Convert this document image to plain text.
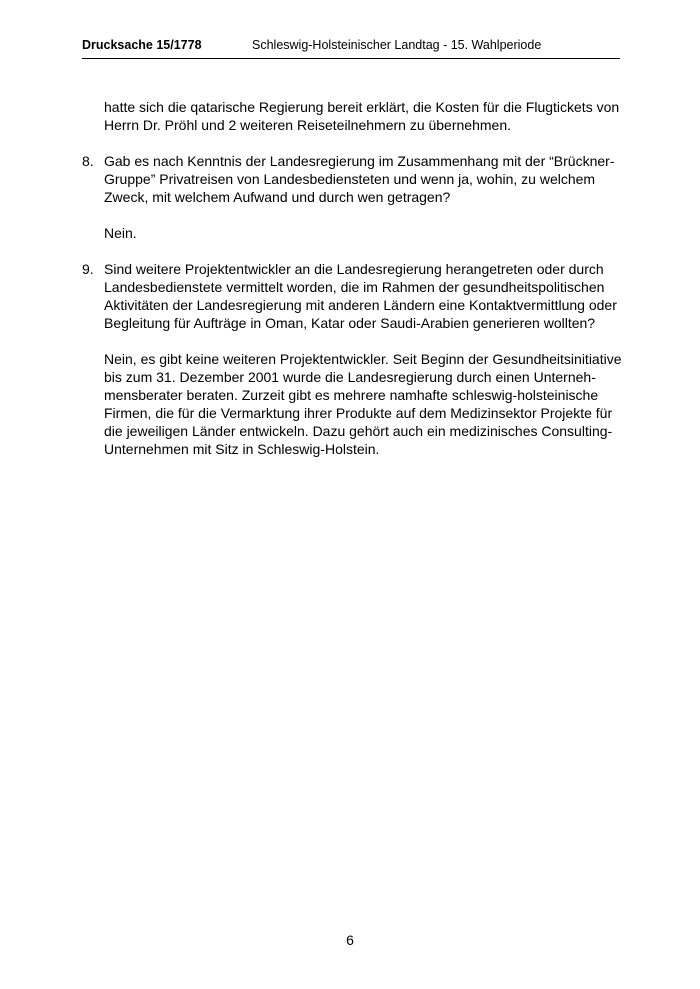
Drucksache 15/1778	Schleswig-Holsteinischer Landtag - 15. Wahlperiode

hatte sich die qatarische Regierung bereit erklärt, die Kosten für die Flugtickets von
Herrn Dr. Pröhl und 2 weiteren Reiseteilnehmern zu übernehmen.

8. Gab es nach Kenntnis der Landesregierung im Zusammenhang mit der “Brückner-
Gruppe” Privatreisen von Landesbediensteten und wenn ja, wohin, zu welchem
Zweck, mit welchem Aufwand und durch wen getragen?

Nein.

9. Sind weitere Projektentwickler an die Landesregierung herangetreten oder durch
Landesbedienstete vermittelt worden, die im Rahmen der gesundheitspolitischen
Aktivitäten der Landesregierung mit anderen Ländern eine Kontaktvermittlung oder
Begleitung für Aufträge in Oman, Katar oder Saudi-Arabien generieren wollten?

Nein, es gibt keine weiteren Projektentwickler. Seit Beginn der Gesundheitsinitiative
bis zum 31. Dezember 2001 wurde die Landesregierung durch einen Unterneh-
mensberater beraten. Zurzeit gibt es mehrere namhafte schleswig-holsteinische
Firmen, die für die Vermarktung ihrer Produkte auf dem Medizinsektor Projekte für
die jeweiligen Länder entwickeln. Dazu gehört auch ein medizinisches Consulting-
Unternehmen mit Sitz in Schleswig-Holstein.

6
